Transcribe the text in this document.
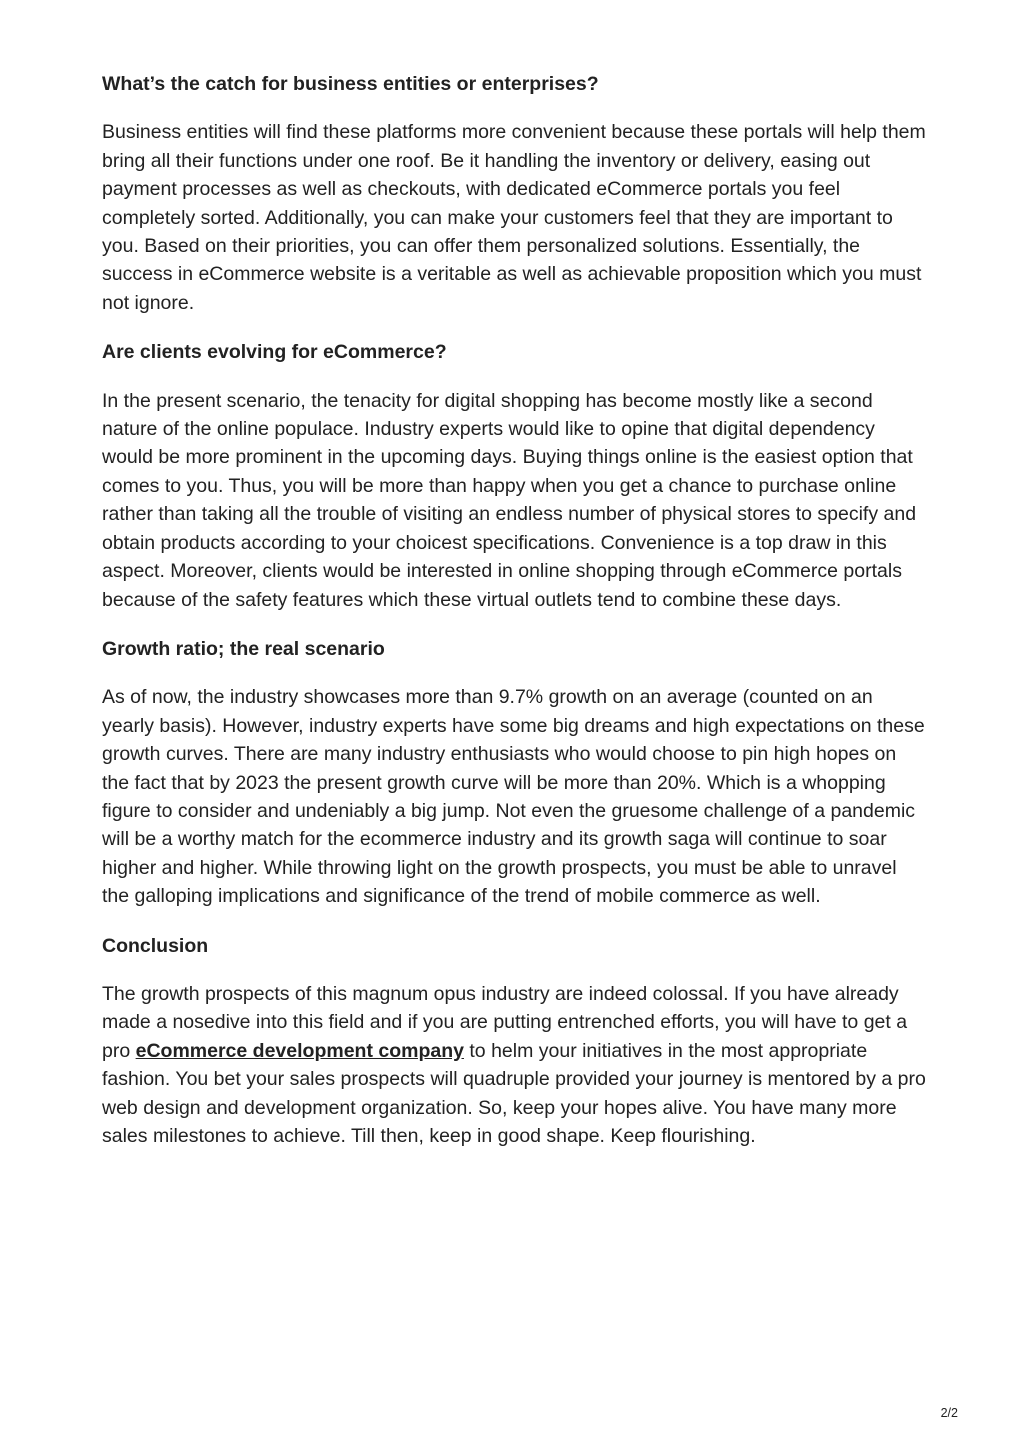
What’s the catch for business entities or enterprises?

Business entities will find these platforms more convenient because these portals will help them bring all their functions under one roof. Be it handling the inventory or delivery, easing out payment processes as well as checkouts, with dedicated eCommerce portals you feel completely sorted. Additionally, you can make your customers feel that they are important to you. Based on their priorities, you can offer them personalized solutions. Essentially, the success in eCommerce website is a veritable as well as achievable proposition which you must not ignore.

Are clients evolving for eCommerce?

In the present scenario, the tenacity for digital shopping has become mostly like a second nature of the online populace. Industry experts would like to opine that digital dependency would be more prominent in the upcoming days. Buying things online is the easiest option that comes to you. Thus, you will be more than happy when you get a chance to purchase online rather than taking all the trouble of visiting an endless number of physical stores to specify and obtain products according to your choicest specifications. Convenience is a top draw in this aspect. Moreover, clients would be interested in online shopping through eCommerce portals because of the safety features which these virtual outlets tend to combine these days.

Growth ratio; the real scenario

As of now, the industry showcases more than 9.7% growth on an average (counted on an yearly basis). However, industry experts have some big dreams and high expectations on these growth curves. There are many industry enthusiasts who would choose to pin high hopes on the fact that by 2023 the present growth curve will be more than 20%. Which is a whopping figure to consider and undeniably a big jump. Not even the gruesome challenge of a pandemic will be a worthy match for the ecommerce industry and its growth saga will continue to soar higher and higher. While throwing light on the growth prospects, you must be able to unravel the galloping implications and significance of the trend of mobile commerce as well.

Conclusion

The growth prospects of this magnum opus industry are indeed colossal. If you have already made a nosedive into this field and if you are putting entrenched efforts, you will have to get a pro eCommerce development company to helm your initiatives in the most appropriate fashion. You bet your sales prospects will quadruple provided your journey is mentored by a pro web design and development organization. So, keep your hopes alive. You have many more sales milestones to achieve. Till then, keep in good shape. Keep flourishing.

2/2
